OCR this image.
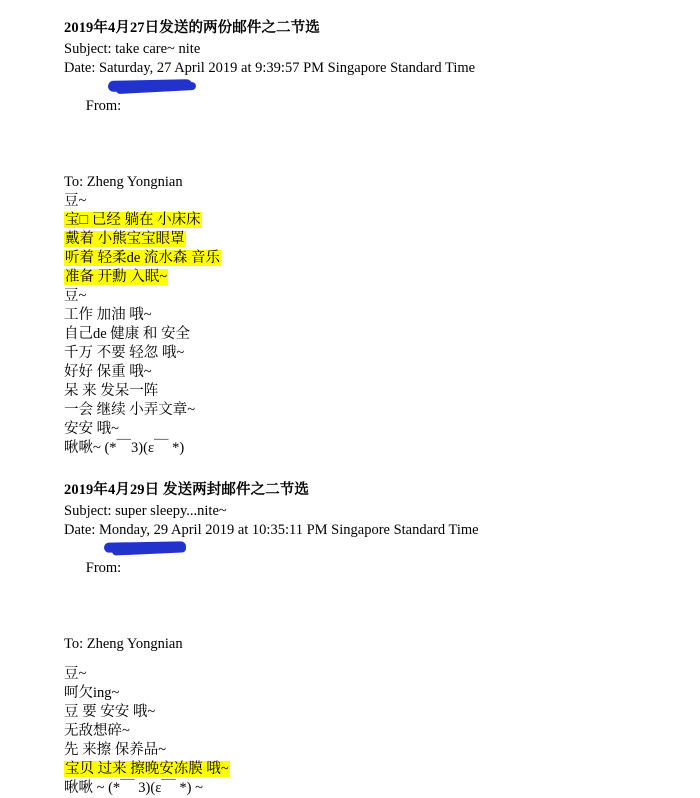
2019年4月27日发送的两份邮件之二节选
Subject: take care~ nite
Date: Saturday, 27 April 2019 at 9:39:57 PM Singapore Standard Time

From:

To: Zheng Yongnian
豆~
宝□ 已经 躺在 小床床
戴着 小熊宝宝眼罩
听着 轻柔de 流水森 音乐
准备 开勳 入眠~
豆~
工作 加油 哦~
自己de 健康 和 安全
千万 不要 轻忽 哦~
好好 保重 哦~
呆 来 发呆一阵
一会 继续 小弄文章~
安安 哦~
啾啾~ (*￣3)(ε￣ *)
2019年4月29日 发送两封邮件之二节选
Subject: super sleepy...nite~
Date: Monday, 29 April 2019 at 10:35:11 PM Singapore Standard Time

From:

To: Zheng Yongnian
豆~
呵欠ing~
豆 要 安安 哦~
无敌想碎~
先 来擦 保养品~
宝贝 过来 擦晚安冻膜 哦~
啾啾 ~ (*￣ 3)(ε￣ *) ~
